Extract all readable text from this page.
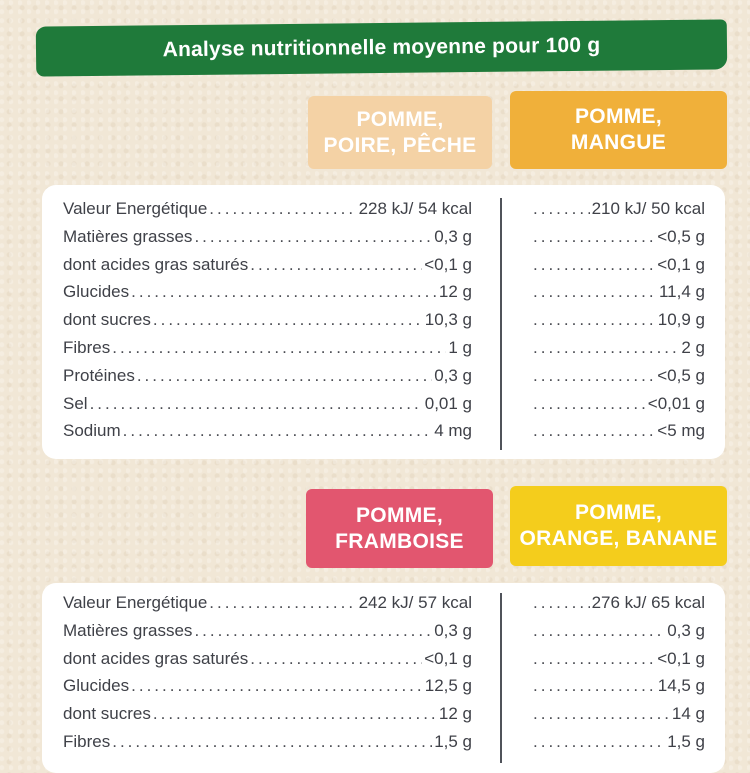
Analyse nutritionnelle moyenne pour 100 g
POMME,
POIRE, PÊCHE
POMME,
MANGUE
Valeur Energétique .....	228 kJ/ 54 kcal .....	210 kJ/ 50 kcal
Matières grasses .....	0,3 g .....	<0,5 g
dont acides gras saturés .....	<0,1 g .....	<0,1 g
Glucides .....	12 g .....	11,4 g
dont sucres .....	10,3 g .....	10,9 g
Fibres .....	1 g .....	2 g
Protéines .....	0,3 g .....	<0,5 g
Sel .....	0,01 g .....	<0,01 g
Sodium .....	4 mg .....	<5 mg
POMME,
FRAMBOISE
POMME,
ORANGE, BANANE
Valeur Energétique .....	242 kJ/ 57 kcal .....	276 kJ/ 65 kcal
Matières grasses .....	0,3 g .....	0,3 g
dont acides gras saturés .....	<0,1 g .....	<0,1 g
Glucides .....	12,5 g .....	14,5 g
dont sucres .....	12 g .....	14 g
Fibres .....	1,5 g .....	1,5 g
